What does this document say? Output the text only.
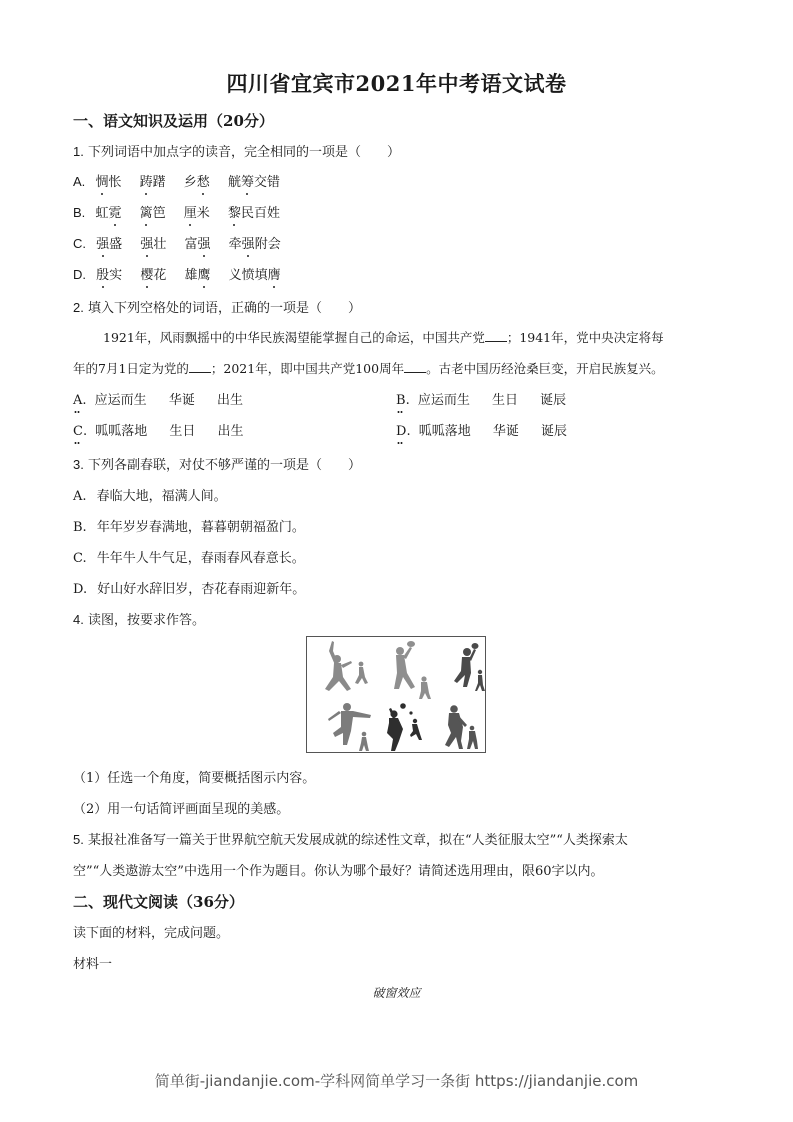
四川省宜宾市2021年中考语文试卷
一、语文知识及运用（20分）
1. 下列词语中加点字的读音，完全相同的一项是（　　）
A. 惆怅 踌躇 乡愁 觥筹交错
B. 虹霓 篱笆 厘米 黎民百姓
C. 强盛 强壮 富强 牵强附会
D. 殷实 樱花 雄鹰 义愤填膺
2. 填入下列空格处的词语，正确的一项是（　　）
1921年，风雨飘摇中的中华民族渴望能掌握自己的命运，中国共产党 ；1941年，党中央决定将每
年的7月1日定为党的 ；2021年，即中国共产党100周年 。古老中国历经沧桑巨变，开启民族复兴。
A. 应运而生 华诞 出生	B. 应运而生 生日 诞辰
C. 呱呱落地 生日 出生	D. 呱呱落地 华诞 诞辰
3. 下列各副春联，对仗不够严谨的一项是（　　）
A. 春临大地，福满人间。
B. 年年岁岁春满地，暮暮朝朝福盈门。
C. 牛年牛人牛气足，春雨春风春意长。
D. 好山好水辞旧岁，杏花春雨迎新年。
4. 读图，按要求作答。
（1）任选一个角度，简要概括图示内容。
（2）用一句话简评画面呈现的美感。
5. 某报社准备写一篇关于世界航空航天发展成就的综述性文章，拟在“人类征服太空”“人类探索太
空”“人类遨游太空”中选用一个作为题目。你认为哪个最好？请简述选用理由，限60字以内。
二、现代文阅读（36分）
读下面的材料，完成问题。
材料一
破窗效应
简单街-jiandanjie.com-学科网简单学习一条街 https://jiandanjie.com
